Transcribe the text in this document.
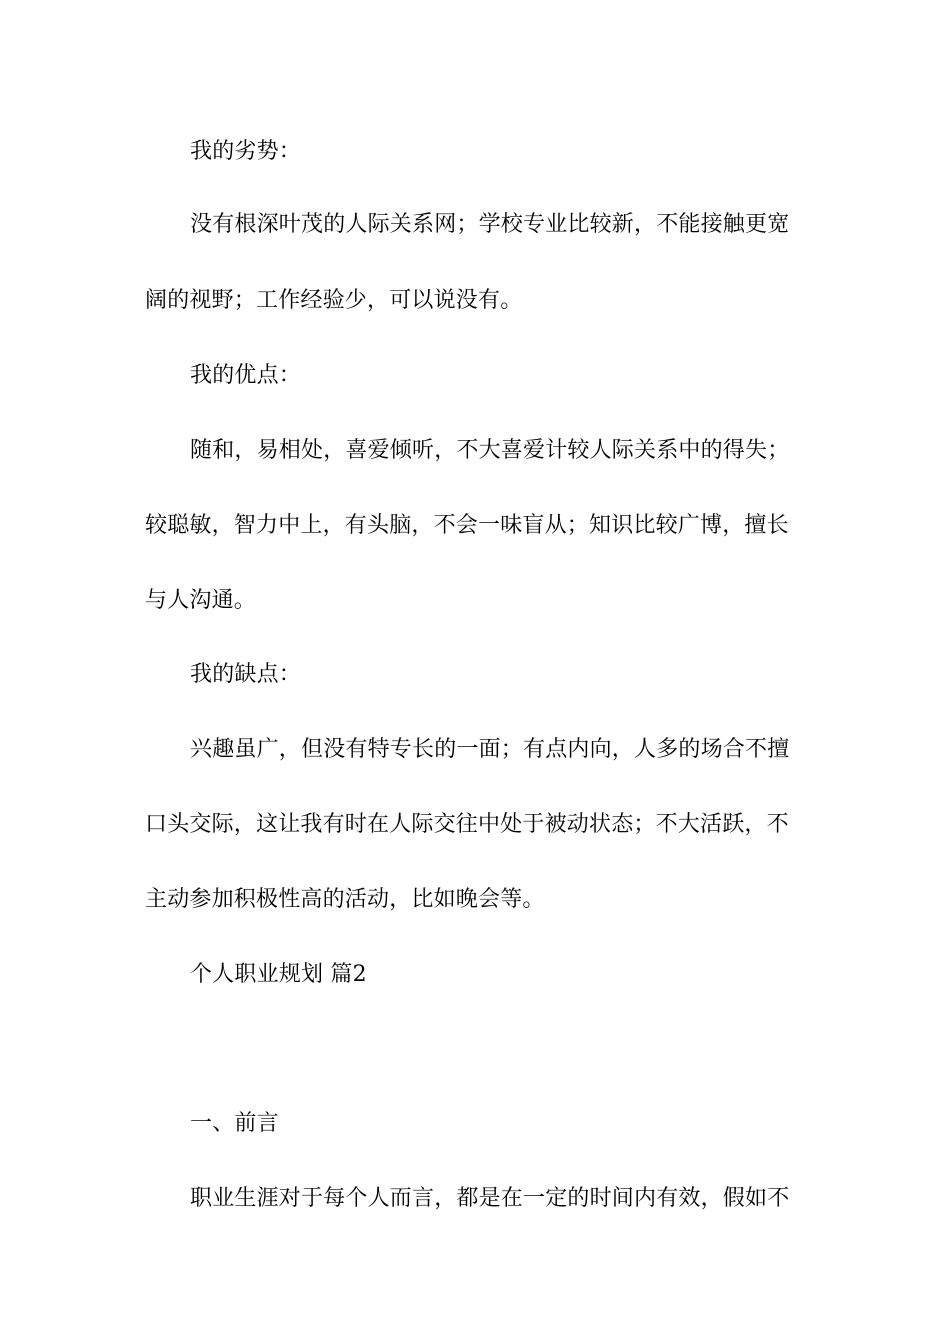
我的劣势：
没有根深叶茂的人际关系网；学校专业比较新，不能接触更宽
阔的视野；工作经验少，可以说没有。
我的优点：
随和，易相处，喜爱倾听，不大喜爱计较人际关系中的得失；
较聪敏，智力中上，有头脑，不会一味盲从；知识比较广博，擅长
与人沟通。
我的缺点：
兴趣虽广，但没有特专长的一面；有点内向，人多的场合不擅
口头交际，这让我有时在人际交往中处于被动状态；不大活跃，不
主动参加积极性高的活动，比如晚会等。
个人职业规划 篇2
一、前言
职业生涯对于每个人而言，都是在一定的时间内有效，假如不
